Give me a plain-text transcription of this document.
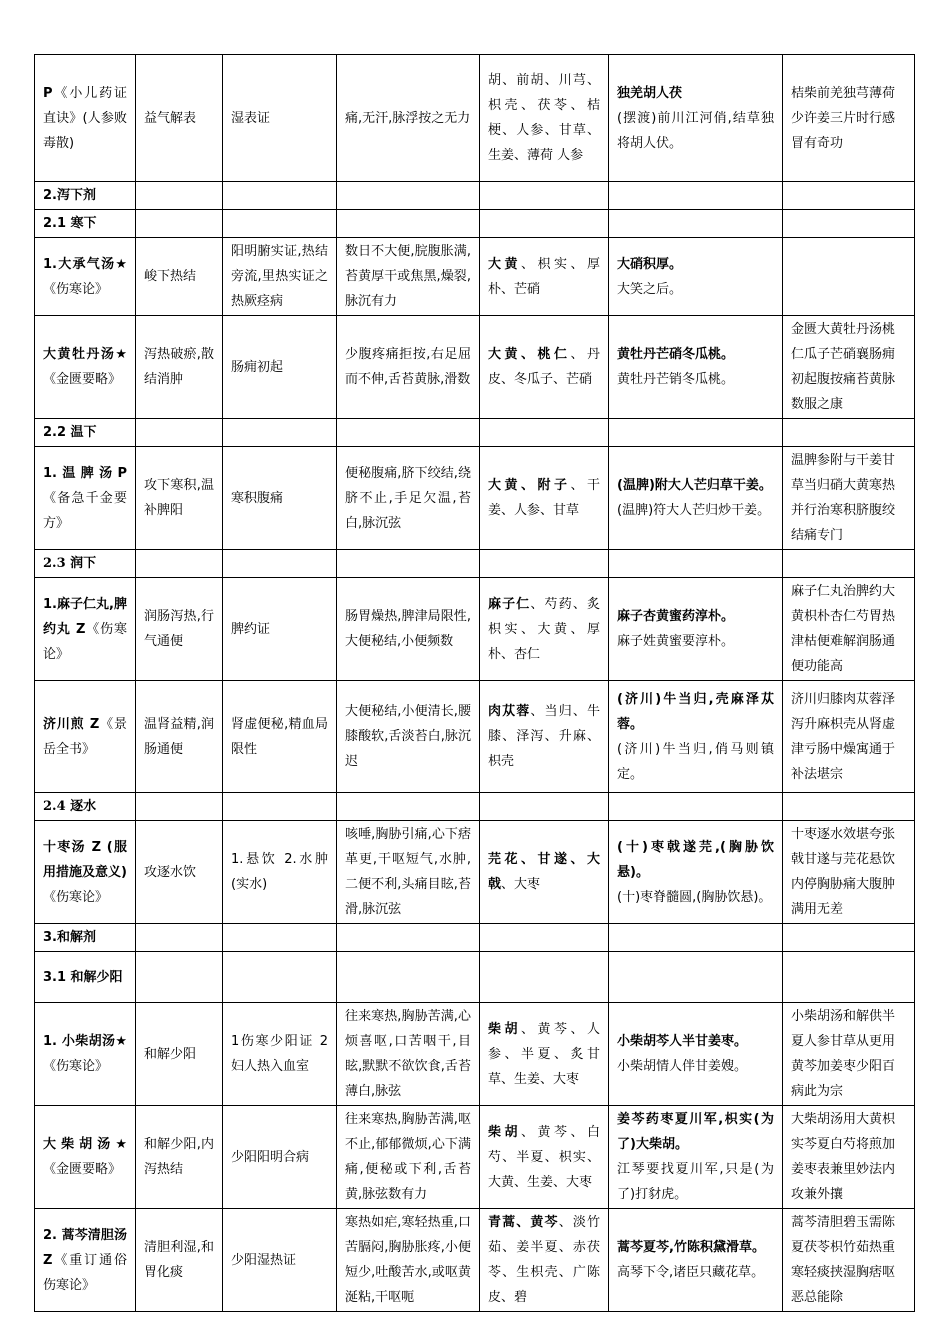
P《小儿药证直诀》(人参败毒散)	益气解表	湿表证	痛,无汗,脉浮按之无力	胡、前胡、川芎、枳壳、茯苓、桔梗、人参、甘草、生姜、薄荷 人参	独羌胡人茯
(摆渡)前川江河俏,结草独将胡人伏。	桔柴前羌独芎薄荷少许姜三片时行感冒有奇功
2.泻下剂						
2.1 寒下						
1.大承气汤★《伤寒论》	峻下热结	阳明腑实证,热结旁流,里热实证之热厥痉病	数日不大便,脘腹胀满,苔黄厚干或焦黑,燥裂,脉沉有力	大黄、枳实、厚朴、芒硝	大硝积厚。
大笑之后。	
大黄牡丹汤★《金匮要略》	泻热破瘀,散结消肿	肠痈初起	少腹疼痛拒按,右足屈而不伸,舌苔黄脉,滑数	大黄、桃仁、丹皮、冬瓜子、芒硝	黄牡丹芒硝冬瓜桃。
黄牡丹芒销冬瓜桃。	金匮大黄牡丹汤桃仁瓜子芒硝襄肠痈初起腹按痛苔黄脉数服之康
2.2 温下						
1.温脾汤P《备急千金要方》	攻下寒积,温补脾阳	寒积腹痛	便秘腹痛,脐下绞结,绕脐不止,手足欠温,苔白,脉沉弦	大黄、附子、干姜、人参、甘草	(温脾)附大人芒归草干姜。
(温脾)符大人芒归炒干姜。	温脾参附与干姜甘草当归硝大黄寒热并行治寒积脐腹绞结痛专门
2.3 润下						
1.麻子仁丸,脾约丸 Z《伤寒论》	润肠泻热,行气通便	脾约证	肠胃燥热,脾津局限性,大便秘结,小便频数	麻子仁、芍药、炙枳实、大黄、厚朴、杏仁	麻子杏黄蜜药淳朴。
麻子姓黄蜜要淳朴。	麻子仁丸治脾约大黄枳朴杏仁芍胃热津枯便难解润肠通便功能高
济川煎 Z《景岳全书》	温肾益精,润肠通便	肾虚便秘,精血局限性	大便秘结,小便清长,腰膝酸软,舌淡苔白,脉沉迟	肉苁蓉、当归、牛膝、泽泻、升麻、枳壳	(济川)牛当归,壳麻泽苁蓉。
(济川)牛当归,俏马则镇定。	济川归膝肉苁蓉泽泻升麻枳壳从肾虚津亏肠中燥寓通于补法堪宗
2.4 逐水						
十枣汤 Z (服用措施及意义)《伤寒论》	攻逐水饮	1.悬饮 2.水肿(实水)	咳唾,胸胁引痛,心下痞革更,干呕短气,水肿,二便不利,头痛目眩,苔滑,脉沉弦	芫花、甘遂、大戟、大枣	(十)枣戟遂芫,(胸胁饮悬)。
(十)枣脊髓圆,(胸胁饮悬)。	十枣逐水效堪夸张戟甘遂与芫花悬饮内停胸胁痛大腹肿满用无差
3.和解剂						
3.1 和解少阳						
1. 小柴胡汤★《伤寒论》	和解少阳	1伤寒少阳证 2妇人热入血室	往来寒热,胸胁苦满,心烦喜呕,口苦咽干,目眩,默默不欲饮食,舌苔薄白,脉弦	柴胡、黄芩、人参、半夏、炙甘草、生姜、大枣	小柴胡芩人半甘姜枣。
小柴胡情人伴甘姜嫂。	小柴胡汤和解供半夏人参甘草从更用黄芩加姜枣少阳百病此为宗
大柴胡汤★《金匮要略》	和解少阳,内泻热结	少阳阳明合病	往来寒热,胸胁苦满,呕不止,郁郁微烦,心下满痛,便秘或下利,舌苔黄,脉弦数有力	柴胡、黄芩、白芍、半夏、枳实、大黄、生姜、大枣	姜芩药枣夏川军,枳实(为了)大柴胡。
江琴要找夏川军,只是(为了)打豺虎。	大柴胡汤用大黄枳实芩夏白芍将煎加姜枣表兼里妙法内攻兼外攘
2. 蒿芩清胆汤 Z《重订通俗伤寒论》	清胆利湿,和胃化痰	少阳湿热证	寒热如疟,寒轻热重,口苦膈闷,胸胁胀疼,小便短少,吐酸苦水,或呕黄涎粘,干呕呃	青蒿、黄芩、淡竹茹、姜半夏、赤茯苓、生枳壳、广陈皮、碧	蒿芩夏芩,竹陈积黛滑草。
高琴下令,诸臣只藏花草。	蒿芩清胆碧玉需陈夏茯苓枳竹茹热重寒轻痰挟湿胸痞呕恶总能除
